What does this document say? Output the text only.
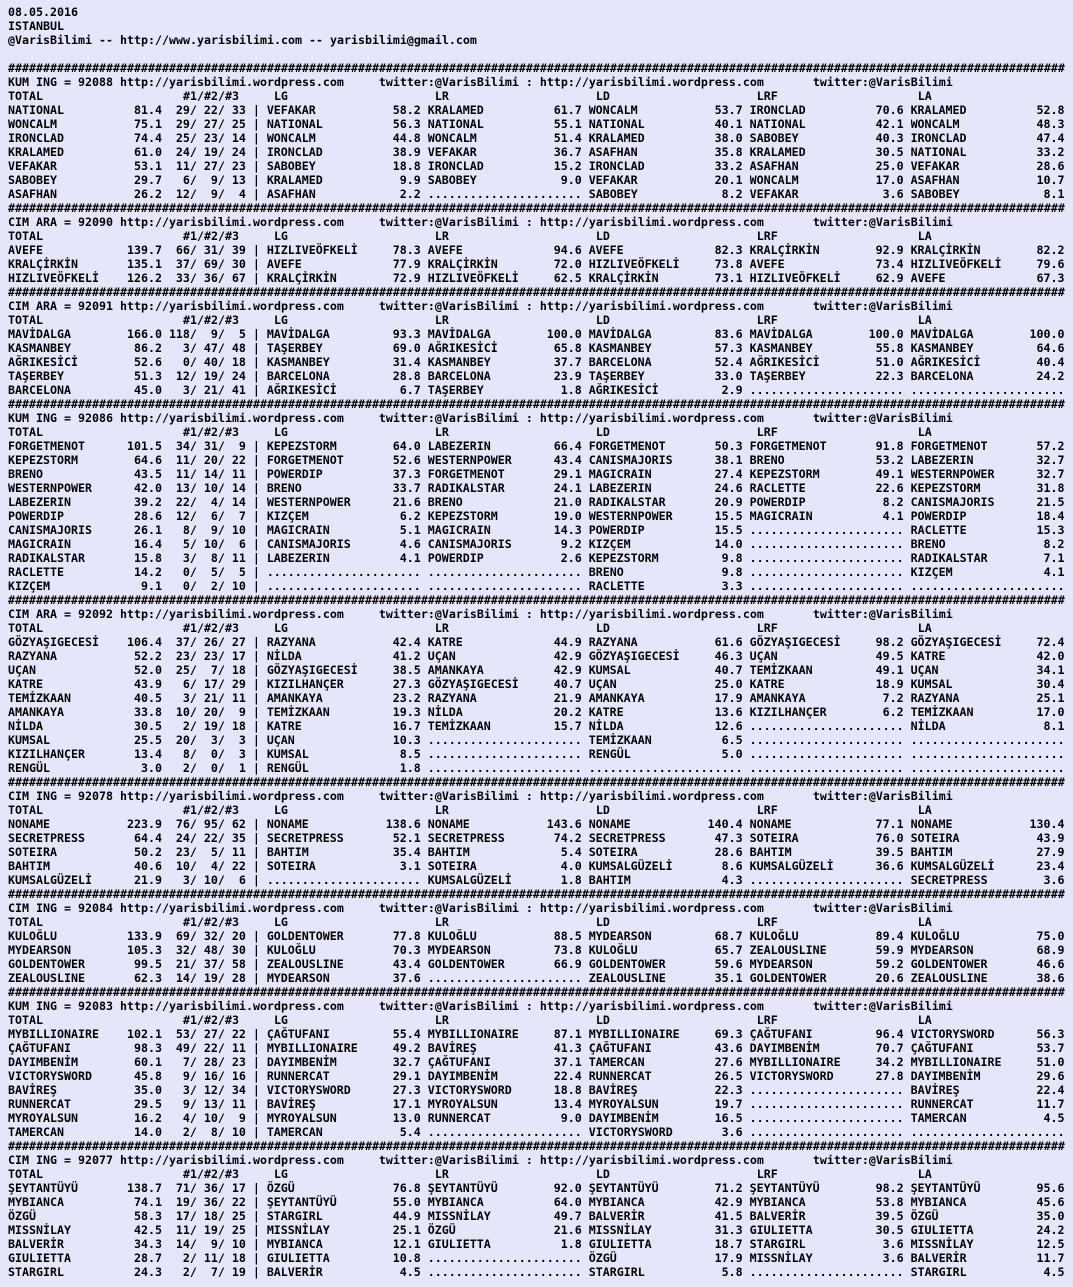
08.05.2016
ISTANBUL
@VarisBilimi -- http://www.yarisbilimi.com -- yarisbilimi@gmail.com
#######################################################################################################################################################
KUM ING = 92088 http://yarisbilimi.wordpress.com	twitter:@VarisBilimi : http://yarisbilimi.wordpress.com	twitter:@VarisBilimi
TOTAL	#1/#2/#3	LG	LR	LD	LRF	LA
NATIONAL	81.4 29/ 22/ 33 | VEFAKAR	58.2 KRALAMED	61.7 WONCALM	53.7 IRONCLAD	70.6 KRALAMED	52.8
WONCALM	75.1 29/ 27/ 25 | NATIONAL	56.3 NATIONAL	55.1 NATIONAL	40.1 NATIONAL	42.1 WONCALM	48.3
IRONCLAD	74.4 25/ 23/ 14 | WONCALM	44.8 WONCALM	51.4 KRALAMED	38.0 SABOBEY	40.3 IRONCLAD	47.4
KRALAMED	61.0 24/ 19/ 24 | IRONCLAD	38.9 VEFAKAR	36.7 ASAFHAN	35.8 KRALAMED	30.5 NATIONAL	33.2
VEFAKAR	53.1 11/ 27/ 23 | SABOBEY	18.8 IRONCLAD	15.2 IRONCLAD	33.2 ASAFHAN	25.0 VEFAKAR	28.6
SABOBEY	29.7 6/ 9/ 13 | KRALAMED	9.9 SABOBEY	9.0 VEFAKAR	20.1 WONCALM	17.0 ASAFHAN	10.7
ASAFHAN	26.2 12/ 9/ 4 | ASAFHAN	2.2 ...................... SABOBEY	8.2 VEFAKAR	3.6 SABOBEY	8.1
#######################################################################################################################################################
CIM ARA = 92090 http://yarisbilimi.wordpress.com	twitter:@VarisBilimi : http://yarisbilimi.wordpress.com	twitter:@VarisBilimi
TOTAL	#1/#2/#3	LG	LR	LD	LRF	LA
AVEFE	139.7 66/ 31/ 39 | HIZLIVEÖFKELİ	78.3 AVEFE	94.6 AVEFE	82.3 KRALÇİRKİN	92.9 KRALÇİRKİN	82.2
KRALÇİRKİN	135.1 37/ 69/ 30 | AVEFE	77.9 KRALÇİRKİN	72.0 HIZLIVEÖFKELİ	73.8 AVEFE	73.4 HIZLIVEÖFKELİ	79.6
HIZLIVEÖFKELİ 126.2 33/ 36/ 67 | KRALÇİRKİN	72.9 HIZLIVEÖFKELİ	62.5 KRALÇİRKİN	73.1 HIZLIVEÖFKELİ	62.9 AVEFE	67.3
#######################################################################################################################################################
CIM ARA = 92091 http://yarisbilimi.wordpress.com	twitter:@VarisBilimi : http://yarisbilimi.wordpress.com	twitter:@VarisBilimi
TOTAL	#1/#2/#3	LG	LR	LD	LRF	LA
MAVİDALGA	166.0 118/ 9/ 5 | MAVİDALGA	93.3 MAVİDALGA	100.0 MAVİDALGA	83.6 MAVİDALGA	100.0 MAVİDALGA	100.0
KASMANBEY	86.2 3/ 47/ 48 | TAŞERBEY	69.0 AĞRIKESİCİ	65.8 KASMANBEY	57.3 KASMANBEY	55.8 KASMANBEY	64.6
AĞRIKESİCİ	52.6 0/ 40/ 18 | KASMANBEY	31.4 KASMANBEY	37.7 BARCELONA	52.4 AĞRIKESİCİ	51.0 AĞRIKESİCİ	40.4
TAŞERBEY	51.3 12/ 19/ 24 | BARCELONA	28.8 BARCELONA	23.9 TAŞERBEY	33.0 TAŞERBEY	22.3 BARCELONA	24.2
BARCELONA	45.0 3/ 21/ 41 | AĞRIKESİCİ	6.7 TAŞERBEY	1.8 AĞRIKESİCİ	2.9 ...................... ......................
#######################################################################################################################################################
KUM ING = 92086 http://yarisbilimi.wordpress.com	twitter:@VarisBilimi : http://yarisbilimi.wordpress.com	twitter:@VarisBilimi
TOTAL	#1/#2/#3	LG	LR	LD	LRF	LA
FORGETMENOT	101.5 34/ 31/ 9 | KEPEZSTORM	64.0 LABEZERIN	66.4 FORGETMENOT	50.3 FORGETMENOT	91.8 FORGETMENOT	57.2
KEPEZSTORM	64.6 11/ 20/ 22 | FORGETMENOT	52.6 WESTERNPOWER	43.4 CANISMAJORIS	38.1 BRENO	53.2 LABEZERIN	32.7
BRENO	43.5 11/ 14/ 11 | POWERDIP	37.3 FORGETMENOT	29.1 MAGICRAIN	27.4 KEPEZSTORM	49.1 WESTERNPOWER	32.7
WESTERNPOWER	42.0 13/ 10/ 14 | BRENO	33.7 RADIKALSTAR	24.1 LABEZERIN	24.6 RACLETTE	22.6 KEPEZSTORM	31.8
LABEZERIN	39.2 22/ 4/ 14 | WESTERNPOWER	21.6 BRENO	21.0 RADIKALSTAR	20.9 POWERDIP	8.2 CANISMAJORIS	21.5
POWERDIP	28.6 12/ 6/ 7 | KIZÇEM	6.2 KEPEZSTORM	19.0 WESTERNPOWER	15.5 MAGICRAIN	4.1 POWERDIP	18.4
CANISMAJORIS	26.1 8/ 9/ 10 | MAGICRAIN	5.1 MAGICRAIN	14.3 POWERDIP	15.5 ...................... RACLETTE	15.3
MAGICRAIN	16.4 5/ 10/ 6 | CANISMAJORIS	4.6 CANISMAJORIS	9.2 KIZÇEM	14.0 ...................... BRENO	8.2
RADIKALSTAR	15.8 3/ 8/ 11 | LABEZERIN	4.1 POWERDIP	2.6 KEPEZSTORM	9.8 ...................... RADIKALSTAR	7.1
RACLETTE	14.2 0/ 5/ 5 | ...................... ...................... BRENO	9.8 ...................... KIZÇEM	4.1
KIZÇEM	9.1 0/ 2/ 10 | ...................... ...................... RACLETTE	3.3 ...................... ......................
#######################################################################################################################################################
CIM ARA = 92092 http://yarisbilimi.wordpress.com	twitter:@VarisBilimi : http://yarisbilimi.wordpress.com	twitter:@VarisBilimi
TOTAL	#1/#2/#3	LG	LR	LD	LRF	LA
GÖZYAŞIGECESİ 106.4 37/ 26/ 27 | RAZYANA	42.4 KATRE	44.9 RAZYANA	61.6 GÖZYAŞIGECESİ	98.2 GÖZYAŞIGECESİ	72.4
RAZYANA	52.2 23/ 23/ 17 | NİLDA	41.2 UÇAN	42.9 GÖZYAŞIGECESİ	46.3 UÇAN	49.5 KATRE	42.0
UÇAN	52.0 25/ 7/ 18 | GÖZYAŞIGECESİ	38.5 AMANKAYA	42.9 KUMSAL	40.7 TEMİZKAAN	49.1 UÇAN	34.1
KATRE	43.9 6/ 17/ 29 | KIZILHANÇER	27.3 GÖZYAŞIGECESİ	40.7 UÇAN	25.0 KATRE	18.9 KUMSAL	30.4
TEMİZKAAN	40.5 3/ 21/ 11 | AMANKAYA	23.2 RAZYANA	21.9 AMANKAYA	17.9 AMANKAYA	7.2 RAZYANA	25.1
AMANKAYA	33.8 10/ 20/ 9 | TEMİZKAAN	19.3 NİLDA	20.2 KATRE	13.6 KIZILHANÇER	6.2 TEMİZKAAN	17.0
NİLDA	30.5 2/ 19/ 18 | KATRE	16.7 TEMİZKAAN	15.7 NİLDA	12.6 ...................... NİLDA	8.1
KUMSAL	25.5 20/ 3/ 3 | UÇAN	10.3 ...................... TEMİZKAAN	6.5 ...................... ......................
KIZILHANÇER	13.4 8/ 0/ 3 | KUMSAL	8.5 ...................... RENGÜL	5.0 ...................... ......................
RENGÜL	3.0 2/ 0/ 1 | RENGÜL	1.8 ...................... ...................... ...................... ......................
#######################################################################################################################################################
CIM ING = 92078 http://yarisbilimi.wordpress.com	twitter:@VarisBilimi : http://yarisbilimi.wordpress.com	twitter:@VarisBilimi
TOTAL	#1/#2/#3	LG	LR	LD	LRF	LA
NONAME	223.9 76/ 95/ 62 | NONAME	138.6 NONAME	143.6 NONAME	140.4 NONAME	77.1 NONAME	130.4
SECRETPRESS	64.4 24/ 22/ 35 | SECRETPRESS	52.1 SECRETPRESS	74.2 SECRETPRESS	47.3 SOTEIRA	76.0 SOTEIRA	43.9
SOTEIRA	50.2 23/ 5/ 11 | BAHTIM	35.4 BAHTIM	5.4 SOTEIRA	28.6 BAHTIM	39.5 BAHTIM	27.9
BAHTIM	40.6 10/ 4/ 22 | SOTEIRA	3.1 SOTEIRA	4.0 KUMSALGÜZELİ	8.6 KUMSALGÜZELİ	36.6 KUMSALGÜZELİ	23.4
KUMSALGÜZELİ	21.9 3/ 10/ 6 | ...................... KUMSALGÜZELİ	1.8 BAHTIM	4.3 ...................... SECRETPRESS	3.6
#######################################################################################################################################################
CIM ING = 92084 http://yarisbilimi.wordpress.com	twitter:@VarisBilimi : http://yarisbilimi.wordpress.com	twitter:@VarisBilimi
TOTAL	#1/#2/#3	LG	LR	LD	LRF	LA
KULOĞLU	133.9 69/ 32/ 20 | GOLDENTOWER	77.8 KULOĞLU	88.5 MYDEARSON	68.7 KULOĞLU	89.4 KULOĞLU	75.0
MYDEARSON	105.3 32/ 48/ 30 | KULOĞLU	70.3 MYDEARSON	73.8 KULOĞLU	65.7 ZEALOUSLINE	59.9 MYDEARSON	68.9
GOLDENTOWER	99.5 21/ 37/ 58 | ZEALOUSLINE	43.4 GOLDENTOWER	66.9 GOLDENTOWER	59.6 MYDEARSON	59.2 GOLDENTOWER	46.6
ZEALOUSLINE	62.3 14/ 19/ 28 | MYDEARSON	37.6 ...................... ZEALOUSLINE	35.1 GOLDENTOWER	20.6 ZEALOUSLINE	38.6
#######################################################################################################################################################
KUM ING = 92083 http://yarisbilimi.wordpress.com	twitter:@VarisBilimi : http://yarisbilimi.wordpress.com	twitter:@VarisBilimi
TOTAL	#1/#2/#3	LG	LR	LD	LRF	LA
MYBILLIONAIRE 102.1 53/ 27/ 22 | ÇAĞTUFANI	55.4 MYBILLIONAIRE	87.1 MYBILLIONAIRE	69.3 ÇAĞTUFANI	96.4 VICTORYSWORD	56.3
ÇAĞTUFANI	98.3 49/ 22/ 11 | MYBILLIONAIRE	49.2 BAVİREŞ	41.3 ÇAĞTUFANI	43.6 DAYIMBENİM	70.7 ÇAĞTUFANI	53.7
DAYIMBENİM	60.1 7/ 28/ 23 | DAYIMBENİM	32.7 ÇAĞTUFANI	37.1 TAMERCAN	27.6 MYBILLIONAIRE	34.2 MYBILLIONAIRE	51.0
VICTORYSWORD	45.8 9/ 16/ 16 | RUNNERCAT	29.1 DAYIMBENİM	22.4 RUNNERCAT	26.5 VICTORYSWORD	27.8 DAYIMBENİM	29.6
BAVİREŞ	35.0 3/ 12/ 34 | VICTORYSWORD	27.3 VICTORYSWORD	18.8 BAVİREŞ	22.3 ...................... BAVİREŞ	22.4
RUNNERCAT	29.5 9/ 13/ 11 | BAVİREŞ	17.1 MYROYALSUN	13.4 MYROYALSUN	19.7 ...................... RUNNERCAT	11.7
MYROYALSUN	16.2 4/ 10/ 9 | MYROYALSUN	13.0 RUNNERCAT	9.0 DAYIMBENİM	16.5 ...................... TAMERCAN	4.5
TAMERCAN	14.0 2/ 8/ 10 | TAMERCAN	5.4 ...................... VICTORYSWORD	3.6 ...................... ......................
#######################################################################################################################################################
CIM ING = 92077 http://yarisbilimi.wordpress.com	twitter:@VarisBilimi : http://yarisbilimi.wordpress.com	twitter:@VarisBilimi
TOTAL	#1/#2/#3	LG	LR	LD	LRF	LA
ŞEYTANTÜYÜ	138.7 71/ 36/ 17 | ÖZGÜ	76.8 ŞEYTANTÜYÜ	92.0 ŞEYTANTÜYÜ	71.2 ŞEYTANTÜYÜ	98.2 ŞEYTANTÜYÜ	95.6
MYBIANCA	74.1 19/ 36/ 22 | ŞEYTANTÜYÜ	55.0 MYBIANCA	64.0 MYBIANCA	42.9 MYBIANCA	53.8 MYBIANCA	45.6
ÖZGÜ	58.3 17/ 18/ 25 | STARGIRL	44.9 MISSNİLAY	49.7 BALVERİR	41.5 BALVERİR	39.5 ÖZGÜ	35.0
MISSNİLAY	42.5 11/ 19/ 25 | MISSNİLAY	25.1 ÖZGÜ	21.6 MISSNİLAY	31.3 GIULIETTA	30.5 GIULIETTA	24.2
BALVERİR	34.3 14/ 9/ 10 | MYBIANCA	12.1 GIULIETTA	1.8 GIULIETTA	18.7 STARGIRL	3.6 MISSNİLAY	12.5
GIULIETTA	28.7 2/ 11/ 18 | GIULIETTA	10.8 ...................... ÖZGÜ	17.9 MISSNİLAY	3.6 BALVERİR	11.7
STARGIRL	24.3 2/ 7/ 19 | BALVERİR	4.5 ...................... STARGIRL	5.8 ...................... STARGIRL	4.5
